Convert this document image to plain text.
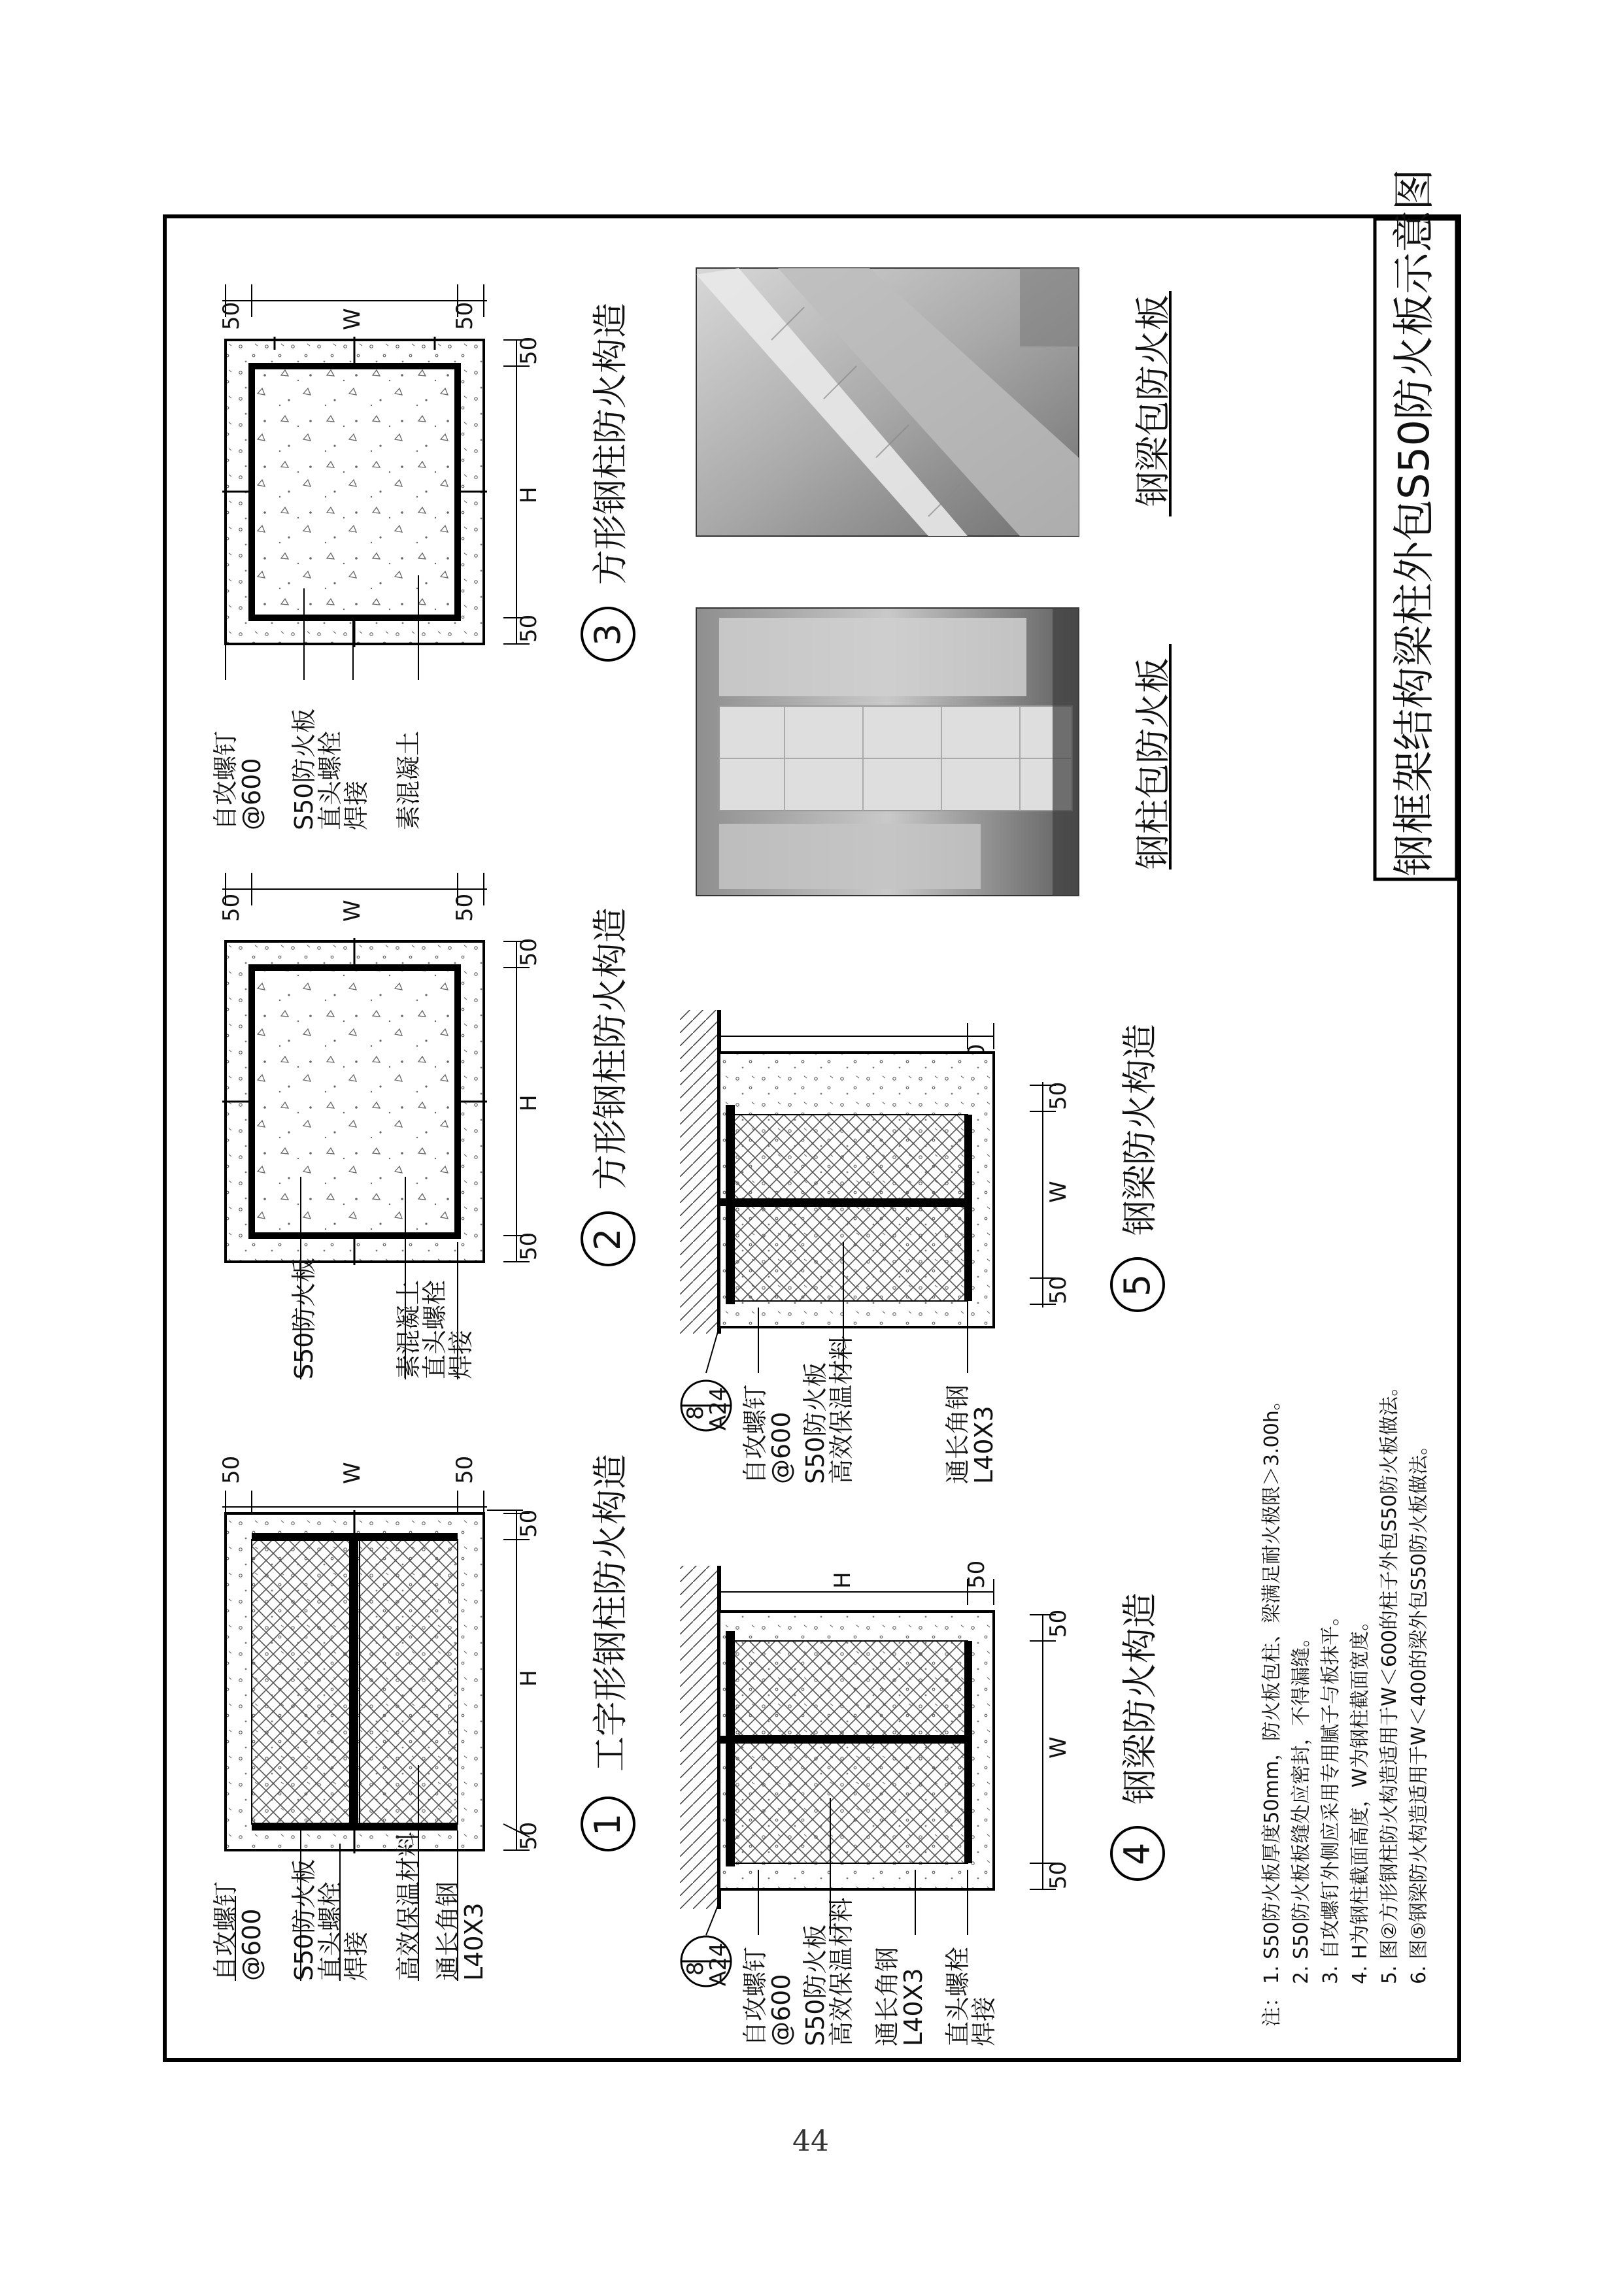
钢框架结构梁柱外包S50防火板示意图
50	W	50
50
H
50
自攻螺钉
@600 S50防火板
直头螺栓
焊接 高效保温材料 通长角钢
L40X3
1
工字形钢柱防火构造
50	W	50
50
H
50
S50防火板	素混凝土
直头螺栓
焊接
2
方形钢柱防火构造
50	W	50
50
H
50
自攻螺钉
@600 S50防火板
直头螺栓
焊接 素混凝土
3
方形钢柱防火构造
H	50
50
W
50
8
A24 自攻螺钉
@600 S50防火板
高效保温材料 通长角钢
L40X3 直头螺栓
焊接
4
钢梁防火构造
50
W
50
8
A24 自攻螺钉
@600 S50防火板
高效保温材料	通长角钢
L40X3
5
钢梁防火构造
钢柱包防火板
钢梁包防火板
注：
1. S50防火板厚度50mm，防火板包柱、梁满足耐火极限＞3.00h。 2. S50防火板板缝处应密封，不得漏缝。 3. 自攻螺钉外侧应采用专用腻子与板抹平。 4. H为钢柱截面高度，W为钢柱截面宽度。 5. 图②方形钢柱防火构造适用于W＜600的柱子外包S50防火板做法。 6. 图⑤钢梁防火构造适用于W＜400的梁外包S50防火板做法。
44
